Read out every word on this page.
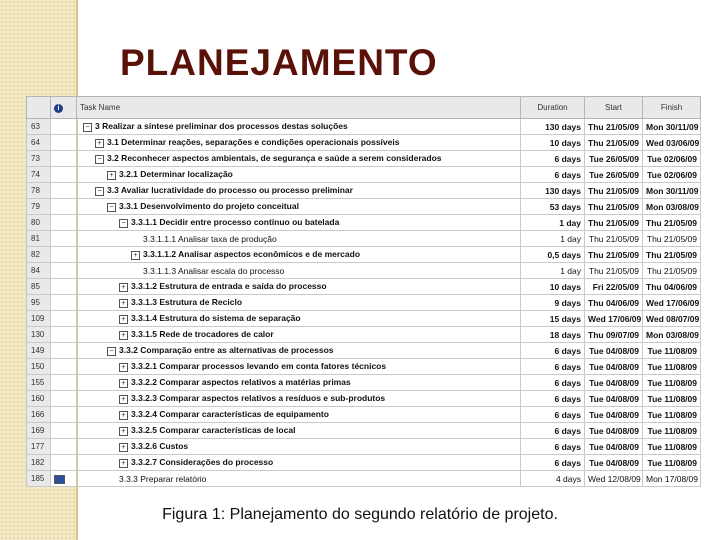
PLANEJAMENTO
	i	Task Name	Duration	Start	Finish
63		− 3 Realizar a síntese preliminar dos processos destas soluções	130 days	Thu 21/05/09	Mon 30/11/09
64		+ 3.1 Determinar reações, separações e condições operacionais possíveis	10 days	Thu 21/05/09	Wed 03/06/09
73		− 3.2 Reconhecer aspectos ambientais, de segurança e saúde a serem considerados	6 days	Tue 26/05/09	Tue 02/06/09
74		+ 3.2.1 Determinar localização	6 days	Tue 26/05/09	Tue 02/06/09
78		− 3.3 Avaliar lucratividade do processo ou processo preliminar	130 days	Thu 21/05/09	Mon 30/11/09
79		− 3.3.1 Desenvolvimento do projeto conceitual	53 days	Thu 21/05/09	Mon 03/08/09
80		− 3.3.1.1 Decidir entre processo contínuo ou batelada	1 day	Thu 21/05/09	Thu 21/05/09
81		3.3.1.1.1 Analisar taxa de produção	1 day	Thu 21/05/09	Thu 21/05/09
82		+ 3.3.1.1.2 Analisar aspectos econômicos e de mercado	0,5 days	Thu 21/05/09	Thu 21/05/09
84		3.3.1.1.3 Analisar escala do processo	1 day	Thu 21/05/09	Thu 21/05/09
85		+ 3.3.1.2 Estrutura de entrada e saída do processo	10 days	Fri 22/05/09	Thu 04/06/09
95		+ 3.3.1.3 Estrutura de Reciclo	9 days	Thu 04/06/09	Wed 17/06/09
109		+ 3.3.1.4 Estrutura do sistema de separação	15 days	Wed 17/06/09	Wed 08/07/09
130		+ 3.3.1.5 Rede de trocadores de calor	18 days	Thu 09/07/09	Mon 03/08/09
149		− 3.3.2 Comparação entre as alternativas de processos	6 days	Tue 04/08/09	Tue 11/08/09
150		+ 3.3.2.1 Comparar processos levando em conta fatores técnicos	6 days	Tue 04/08/09	Tue 11/08/09
155		+ 3.3.2.2 Comparar aspectos relativos a matérias primas	6 days	Tue 04/08/09	Tue 11/08/09
160		+ 3.3.2.3 Comparar aspectos relativos a resíduos e sub-produtos	6 days	Tue 04/08/09	Tue 11/08/09
166		+ 3.3.2.4 Comparar características de equipamento	6 days	Tue 04/08/09	Tue 11/08/09
169		+ 3.3.2.5 Comparar características de local	6 days	Tue 04/08/09	Tue 11/08/09
177		+ 3.3.2.6 Custos	6 days	Tue 04/08/09	Tue 11/08/09
182		+ 3.3.2.7 Considerações do processo	6 days	Tue 04/08/09	Tue 11/08/09
185		3.3.3 Preparar relatório	4 days	Wed 12/08/09	Mon 17/08/09
Figura 1: Planejamento do segundo relatório de projeto.
